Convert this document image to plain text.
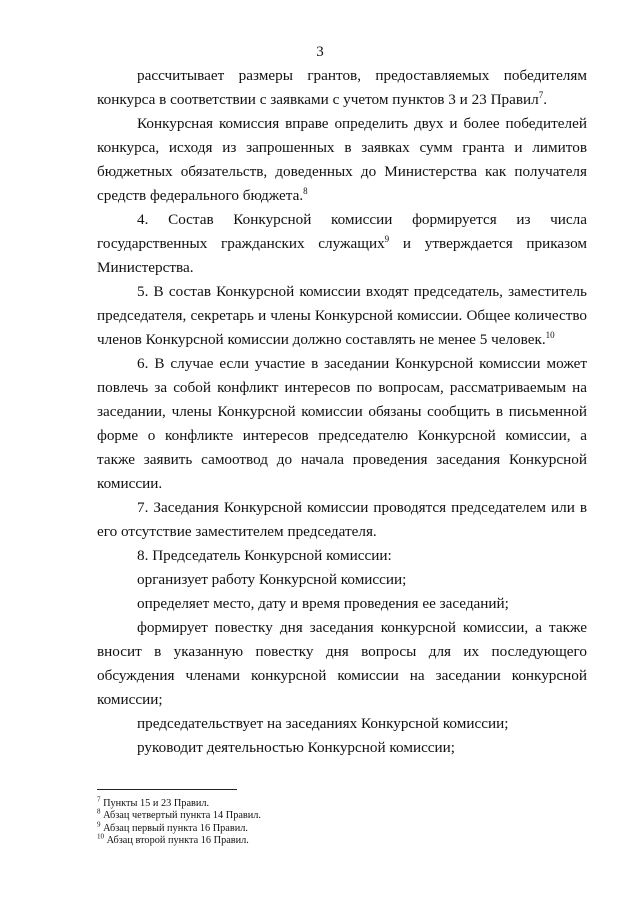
3

рассчитывает размеры грантов, предоставляемых победителям конкурса в соответствии с заявками с учетом пунктов 3 и 23 Правил$^7$.

Конкурсная комиссия вправе определить двух и более победителей конкурса, исходя из запрошенных в заявках сумм гранта и лимитов бюджетных обязательств, доведенных до Министерства как получателя средств федерального бюджета.$^8$

4. Состав Конкурсной комиссии формируется из числа государственных гражданских служащих$^9$ и утверждается приказом Министерства.

5. В состав Конкурсной комиссии входят председатель, заместитель председателя, секретарь и члены Конкурсной комиссии. Общее количество членов Конкурсной комиссии должно составлять не менее 5 человек.$^{10}$

6. В случае если участие в заседании Конкурсной комиссии может повлечь за собой конфликт интересов по вопросам, рассматриваемым на заседании, члены Конкурсной комиссии обязаны сообщить в письменной форме о конфликте интересов председателю Конкурсной комиссии, а также заявить самоотвод до начала проведения заседания Конкурсной комиссии.

7. Заседания Конкурсной комиссии проводятся председателем или в его отсутствие заместителем председателя.

8. Председатель Конкурсной комиссии:

организует работу Конкурсной комиссии;

определяет место, дату и время проведения ее заседаний;

формирует повестку дня заседания конкурсной комиссии, а также вносит в указанную повестку дня вопросы для их последующего обсуждения членами конкурсной комиссии на заседании конкурсной комиссии;

председательствует на заседаниях Конкурсной комиссии;

руководит деятельностью Конкурсной комиссии;

$^7$ Пункты 15 и 23 Правил.
$^8$ Абзац четвертый пункта 14 Правил.
$^9$ Абзац первый пункта 16 Правил.
$^{10}$ Абзац второй пункта 16 Правил.
